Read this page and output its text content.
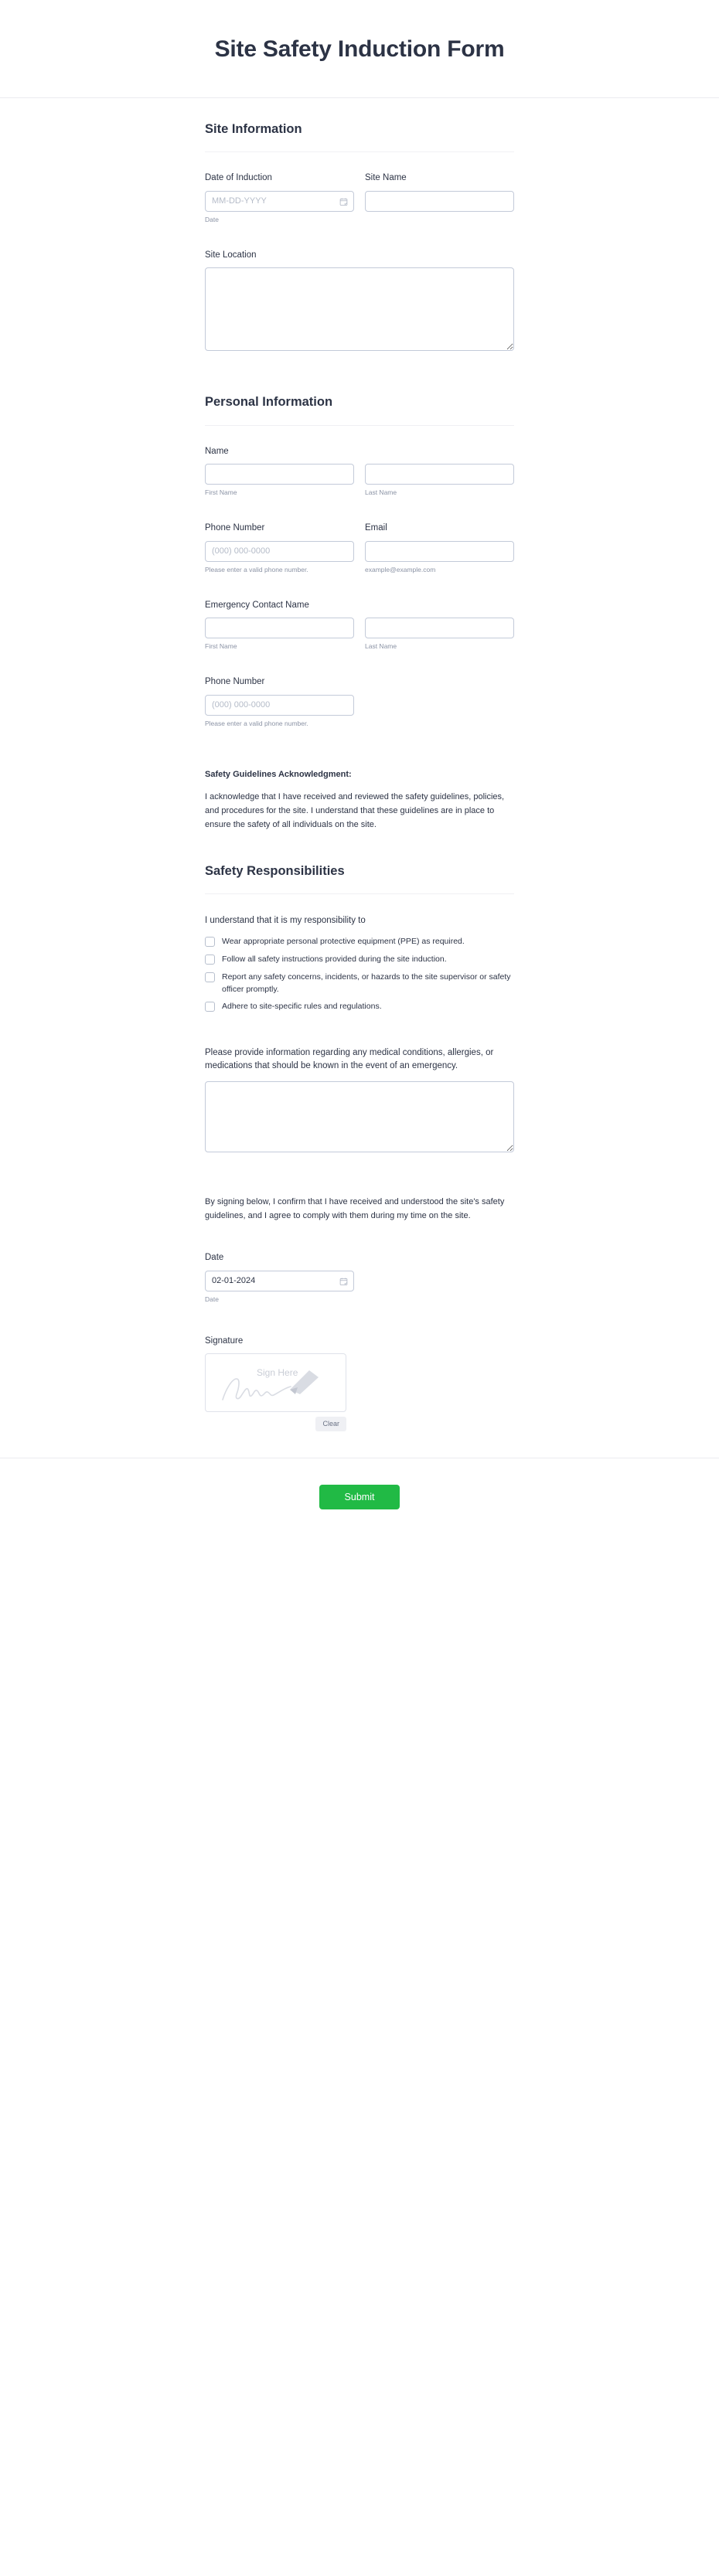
Site Safety Induction Form
Site Information
Date of Induction
MM-DD-YYYY
Date
Site Name
Site Location
Personal Information
Name
First Name	Last Name
Phone Number
(000) 000-0000
Please enter a valid phone number.
Email
example@example.com
Emergency Contact Name
First Name	Last Name
Phone Number
(000) 000-0000
Please enter a valid phone number.
Safety Guidelines Acknowledgment:

I acknowledge that I have received and reviewed the safety guidelines, policies, and procedures for the site. I understand that these guidelines are in place to ensure the safety of all individuals on the site.

Safety Responsibilities
I understand that it is my responsibility to
Wear appropriate personal protective equipment (PPE) as required.
Follow all safety instructions provided during the site induction.
Report any safety concerns, incidents, or hazards to the site supervisor or safety officer promptly.
Adhere to site-specific rules and regulations.
Please provide information regarding any medical conditions, allergies, or medications that should be known in the event of an emergency.

By signing below, I confirm that I have received and understood the site's safety guidelines, and I agree to comply with them during my time on the site.

Date
02-01-2024
Date
Signature
Sign Here
Clear
Submit
